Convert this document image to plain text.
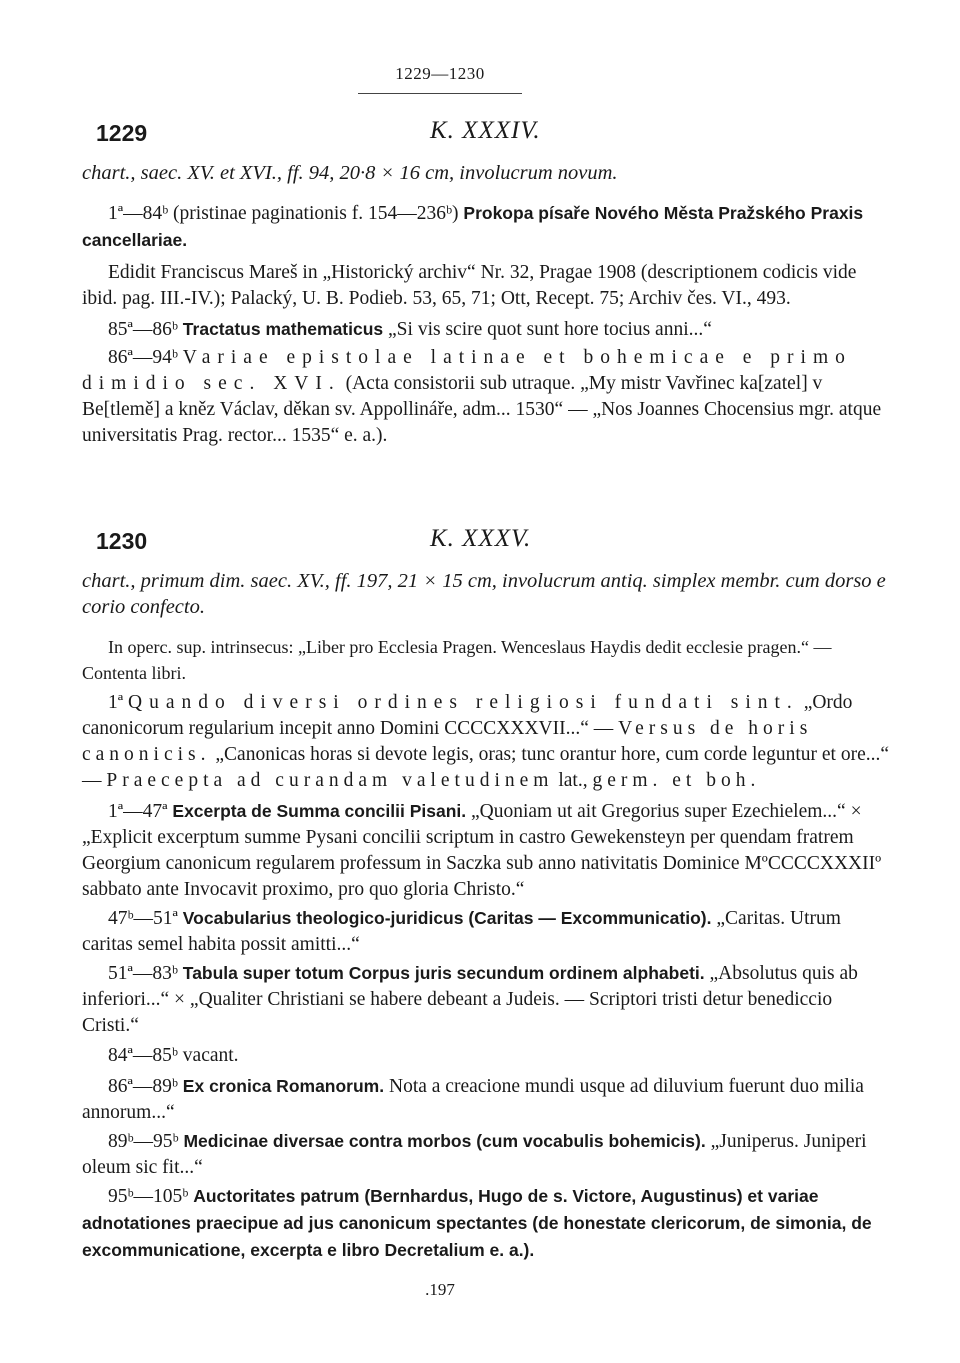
1229—1230
1229	K. XXXIV.

chart., saec. XV. et XVI., ff. 94, 20·8 × 16 cm, involucrum novum.

1ª—84ᵇ (pristinae paginationis f. 154—236ᵇ) Prokopa písaře Nového Města Pražského Praxis cancellariae.

Edidit Franciscus Mareš in „Historický archiv“ Nr. 32, Pragae 1908 (descriptionem codicis vide ibid. pag. III.-IV.); Palacký, U. B. Podieb. 53, 65, 71; Ott, Recept. 75; Archiv čes. VI., 493.

85ª—86ᵇ Tractatus mathematicus „Si vis scire quot sunt hore tocius anni...“

86ª—94ᵇ Variae epistolae latinae et bohemicae e primo dimidio sec. XVI. (Acta consistorii sub utraque. „My mistr Vavřinec ka[zatel] v Be[tlemě] a kněz Václav, děkan sv. Appollináře, adm... 1530“ — „Nos Joannes Chocensius mgr. atque universitatis Prag. rector... 1535“ e. a.).

1230	K. XXXV.

chart., primum dim. saec. XV., ff. 197, 21 × 15 cm, involucrum antiq. simplex membr. cum dorso e corio confecto.

In operc. sup. intrinsecus: „Liber pro Ecclesia Pragen. Wenceslaus Haydis dedit ecclesie pragen.“ — Contenta libri.

1ª Quando diversi ordines religiosi fundati sint. „Ordo canonicorum regularium incepit anno Domini CCCCXXXVII...“ — Versus de horis canonicis. „Canonicas horas si devote legis, oras; tunc orantur hore, cum corde leguntur et ore...“ — Praecepta ad curandam valetudinem lat., germ. et boh.

1ª—47ª Excerpta de Summa concilii Pisani. „Quoniam ut ait Gregorius super Ezechielem...“ × „Explicit excerptum summe Pysani concilii scriptum in castro Gewekensteyn per quendam fratrem Georgium canonicum regularem professum in Saczka sub anno nativitatis Dominice MºCCCCXXXIIº sabbato ante Invocavit proximo, pro quo gloria Christo.“

47ᵇ—51ª Vocabularius theologico-juridicus (Caritas — Excommunicatio). „Caritas. Utrum caritas semel habita possit amitti...“

51ª—83ᵇ Tabula super totum Corpus juris secundum ordinem alphabeti. „Absolutus quis ab inferiori...“ × „Qualiter Christiani se habere debeant a Judeis. — Scriptori tristi detur benediccio Cristi.“

84ª—85ᵇ vacant.

86ª—89ᵇ Ex cronica Romanorum. Nota a creacione mundi usque ad diluvium fuerunt duo milia annorum...“

89ᵇ—95ᵇ Medicinae diversae contra morbos (cum vocabulis bohemicis). „Juniperus. Juniperi oleum sic fit...“

95ᵇ—105ᵇ Auctoritates patrum (Bernhardus, Hugo de s. Victore, Augustinus) et variae adnotationes praecipue ad jus canonicum spectantes (de honestate clericorum, de simonia, de excommunicatione, excerpta e libro Decretalium e. a.).

.197
